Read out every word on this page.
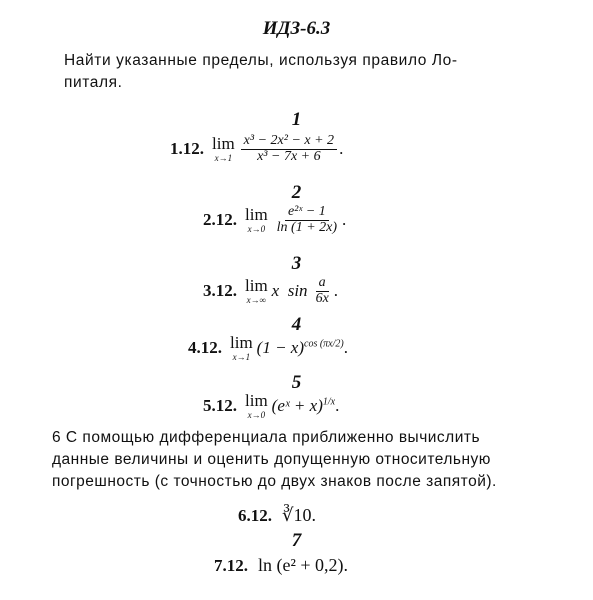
ИДЗ-6.3
Найти указанные пределы, используя правило Ло-
питаля.
1
1.12. lim
$x\to 1 \frac{\text{x³ − 2x² − x + 2}}{\text{x³ − 7x + 6}}$ .
2
2.12. lim
$x\to 0 \frac{\text{e²ˣ − 1}}{\ln (1 + 2x)}$ .
3
3.12. lim
x→∞ x  $\sin \frac{a}{6x}$ .
4
4.12. lim
x→1 $(1 - x)^{cos (\pi x/2)}$ .
5
5.12. lim
x→0 (eˣ + x)$^{1/x}$ .
6 С помощью дифференциала приближенно вычислить
данные величины и оценить допущенную относительную
погрешность (с точностью до двух знаков после запятой).
6.12. ∛10.
7
7.12. ln (e² + 0,2).
